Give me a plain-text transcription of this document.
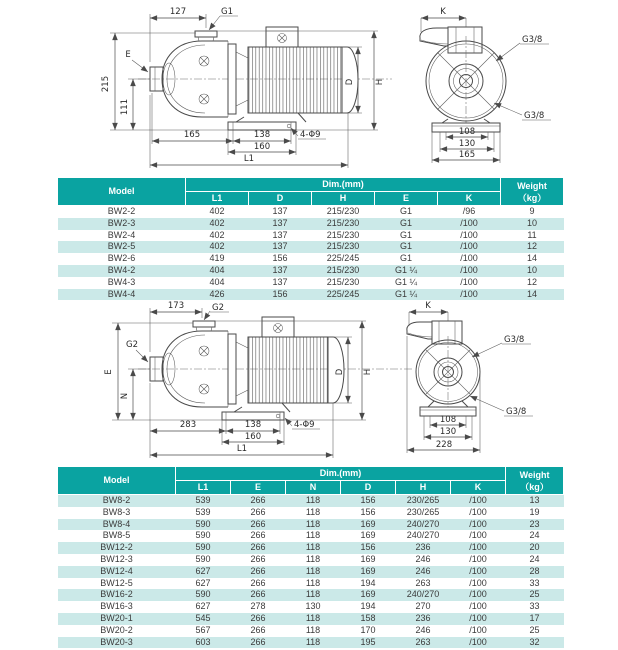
127	G1
E
215
111
165	138
160
L1
4-Φ9
D H
K
G3/8
G3/8
108
130
165
Model	Dim.(mm)					Weight
（kg）

	L1	D	H	E	K	
BW2-2	402	137	215/230	G1	/96	9
BW2-3	402	137	215/230	G1	/100	10
BW2-4	402	137	215/230	G1	/100	11
BW2-5	402	137	215/230	G1	/100	12
BW2-6	419	156	225/245	G1	/100	14
BW4-2	404	137	215/230	G1 ¼	/100	10
BW4-3	404	137	215/230	G1 ¼	/100	12
BW4-4	426	156	225/245	G1 ¼	/100	14
173	G2
G2
E
N
283	138
160
L1
4-Φ9
D H
K
G3/8
G3/8
108
130
228
Model	Dim.(mm)						Weight
（kg）

	L1	E	N	D	H	K	
BW8-2	539	266	118	156	230/265	/100	13
BW8-3	539	266	118	156	230/265	/100	19
BW8-4	590	266	118	169	240/270	/100	23
BW8-5	590	266	118	169	240/270	/100	24
BW12-2	590	266	118	156	236	/100	20
BW12-3	590	266	118	169	246	/100	24
BW12-4	627	266	118	169	246	/100	28
BW12-5	627	266	118	194	263	/100	33
BW16-2	590	266	118	169	240/270	/100	25
BW16-3	627	278	130	194	270	/100	33
BW20-1	545	266	118	158	236	/100	17
BW20-2	567	266	118	170	246	/100	25
BW20-3	603	266	118	195	263	/100	32
